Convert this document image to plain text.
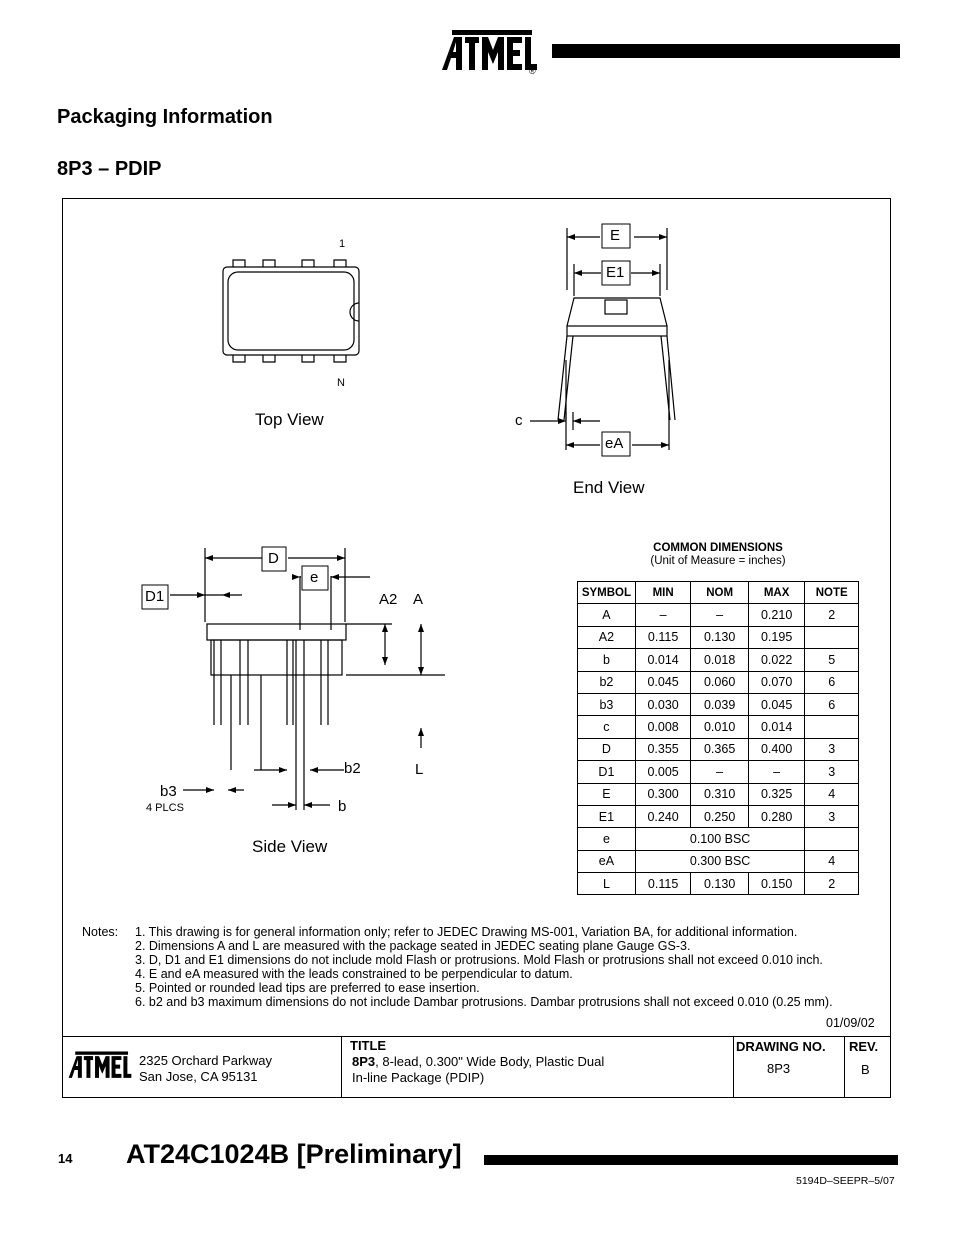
®
Packaging Information
8P3 – PDIP
1
N
Top View
E
E1
c
eA
End View
D
e
D1	A2 A
L
b2
b3
4 PLCS	b
Side View
COMMON DIMENSIONS
(Unit of Measure = inches)
SYMBOL	MIN	NOM	MAX	NOTE
A	–	–	0.210	2
A2	0.115	0.130	0.195	
b	0.014	0.018	0.022	5
b2	0.045	0.060	0.070	6
b3	0.030	0.039	0.045	6
c	0.008	0.010	0.014	
D	0.355	0.365	0.400	3
D1	0.005	–	–	3
E	0.300	0.310	0.325	4
E1	0.240	0.250	0.280	3
e	0.100 BSC			
eA	0.300 BSC			4
L	0.115	0.130	0.150	2
Notes: 1. This drawing is for general information only; refer to JEDEC Drawing MS-001, Variation BA, for additional information.
2. Dimensions A and L are measured with the package seated in JEDEC seating plane Gauge GS-3.
3. D, D1 and E1 dimensions do not include mold Flash or protrusions. Mold Flash or protrusions shall not exceed 0.010 inch.
4. E and eA measured with the leads constrained to be perpendicular to datum.
5. Pointed or rounded lead tips are preferred to ease insertion.
6. b2 and b3 maximum dimensions do not include Dambar protrusions. Dambar protrusions shall not exceed 0.010 (0.25 mm).
01/09/02
2325 Orchard Parkway
San Jose, CA 95131
TITLE
8P3, 8-lead, 0.300" Wide Body, Plastic Dual
In-line Package (PDIP)
DRAWING NO.
8P3
REV.
B
14 AT24C1024B [Preliminary]
5194D–SEEPR–5/07
